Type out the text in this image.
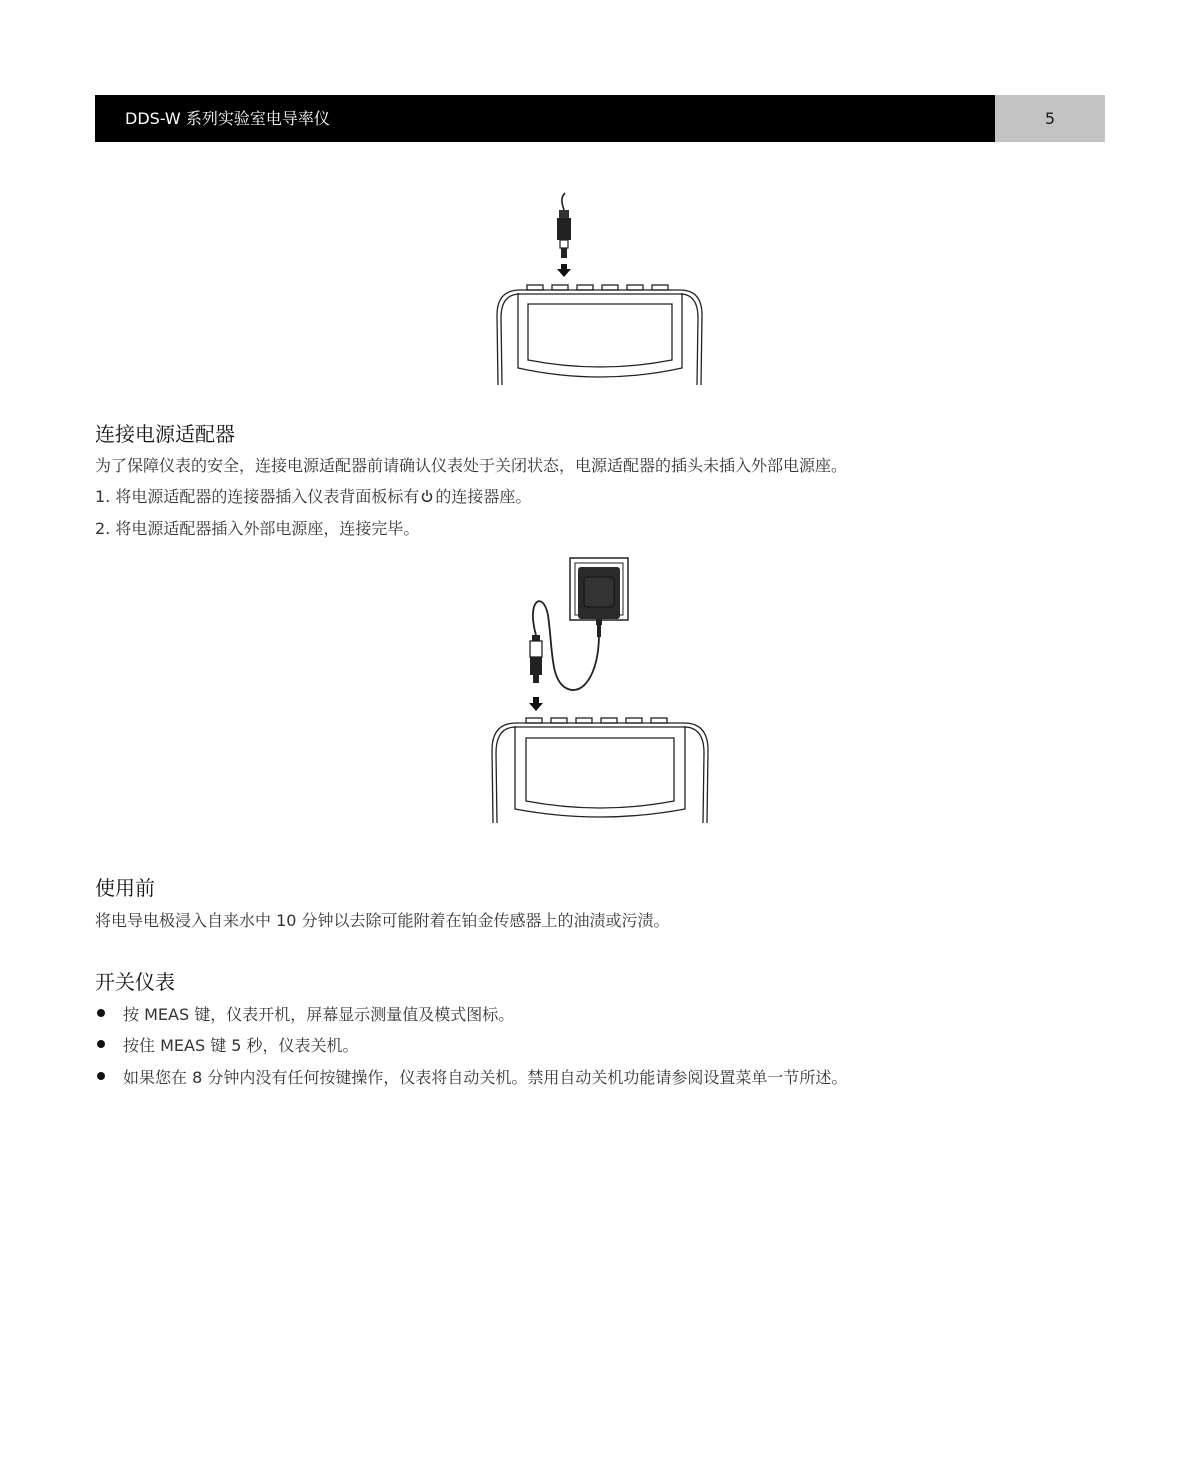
DDS-W 系列实验室电导率仪	5
连接电源适配器

为了保障仪表的安全，连接电源适配器前请确认仪表处于关闭状态，电源适配器的插头未插入外部电源座。

1. 将电源适配器的连接器插入仪表背面板标有 的连接器座。

2. 将电源适配器插入外部电源座，连接完毕。

使用前

将电导电极浸入自来水中 10 分钟以去除可能附着在铂金传感器上的油渍或污渍。

开关仪表
按 MEAS 键，仪表开机，屏幕显示测量值及模式图标。
按住 MEAS 键 5 秒，仪表关机。
如果您在 8 分钟内没有任何按键操作，仪表将自动关机。禁用自动关机功能请参阅设置菜单一节所述。
